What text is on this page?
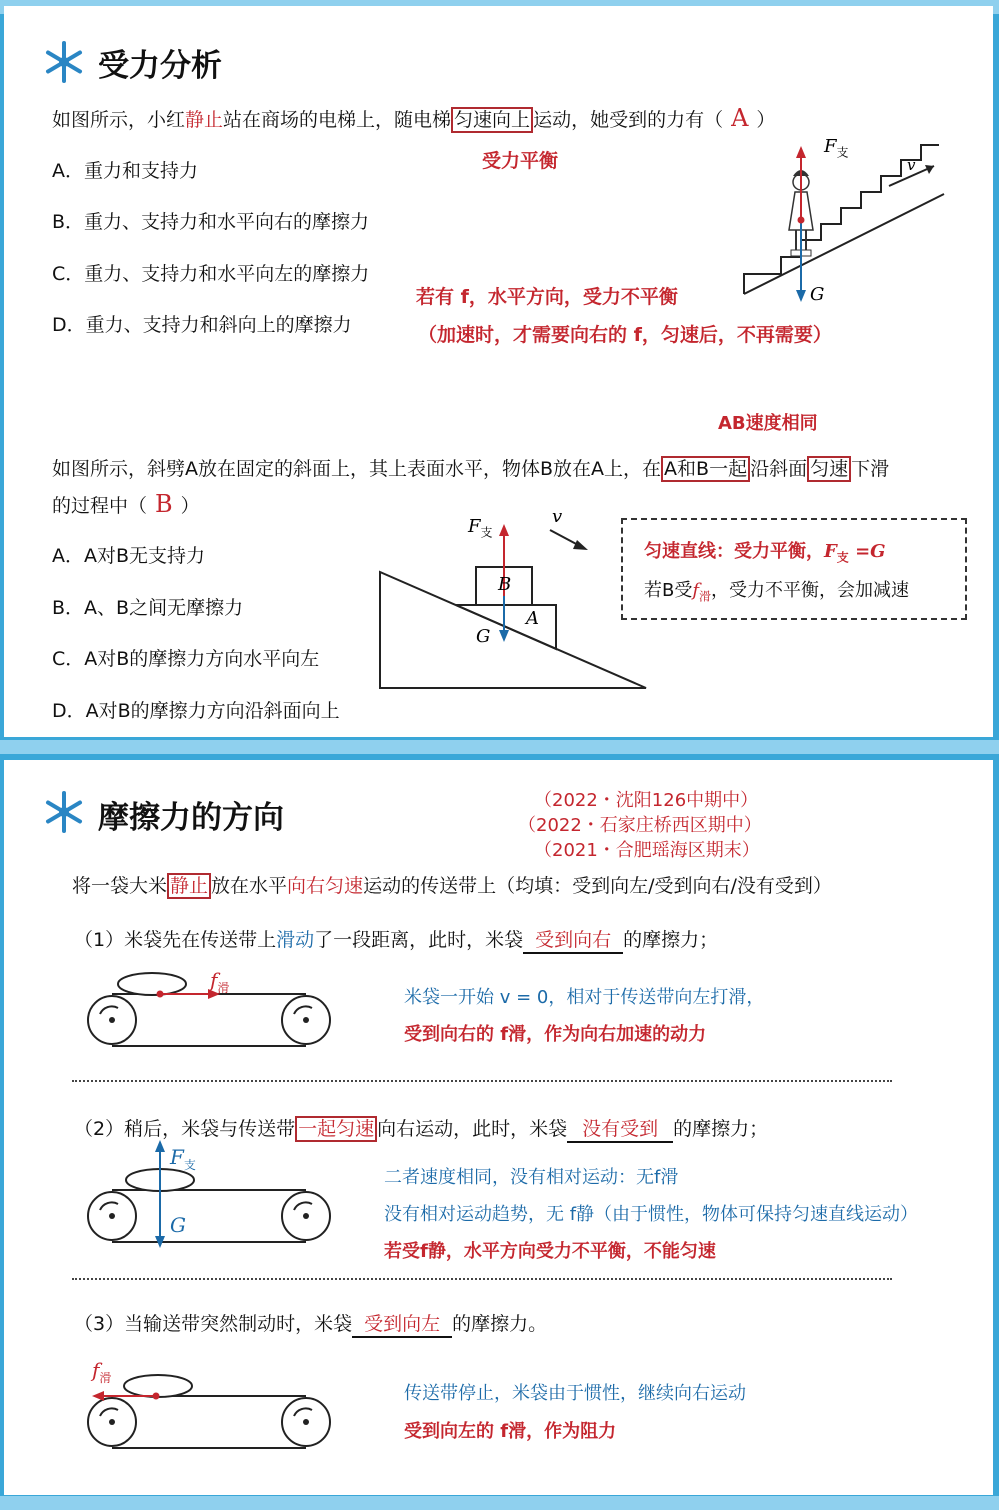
受力分析
如图所示，小红静止站在商场的电梯上，随电梯 匀速向上 运动，她受到的力有（ A ）
受力平衡
A．重力和支持力
B．重力、支持力和水平向右的摩擦力
C．重力、支持力和水平向左的摩擦力
D．重力、支持力和斜向上的摩擦力
若有 f，水平方向，受力不平衡
（加速时，才需要向右的 f，匀速后，不再需要）
$F_支$
G
v
AB速度相同
如图所示，斜劈A放在固定的斜面上，其上表面水平，物体B放在A上，在 A和B一起 沿斜面 匀速 下滑
的过程中（ B ）
A．A对B无支持力
B．A、B之间无摩擦力
C．A对B的摩擦力方向水平向左
D．A对B的摩擦力方向沿斜面向上
$F_支$
v
B
A
G
匀速直线：受力平衡，$F_支 =G$
若B受$f_滑$，受力不平衡，会加减速
摩擦力的方向	（2022・沈阳126中期中）
（2022・石家庄桥西区期中）
（2021・合肥瑶海区期末）
将一袋大米 静止 放在水平向右匀速运动的传送带上（均填：受到向左/受到向右/没有受到）
（1）米袋先在传送带上滑动了一段距离，此时，米袋 受到向右 的摩擦力；
$f_滑$	米袋一开始 v = 0，相对于传送带向左打滑，
受到向右的 f滑，作为向右加速的动力
（2）稍后，米袋与传送带 一起匀速 向右运动，此时，米袋 没有受到 的摩擦力；
$F_支$
G
二者速度相同，没有相对运动：无f滑
没有相对运动趋势，无 f静（由于惯性，物体可保持匀速直线运动）
若受f静，水平方向受力不平衡，不能匀速
（3）当输送带突然制动时，米袋 受到向左 的摩擦力。
$f_滑$
传送带停止，米袋由于惯性，继续向右运动
受到向左的 f滑，作为阻力
